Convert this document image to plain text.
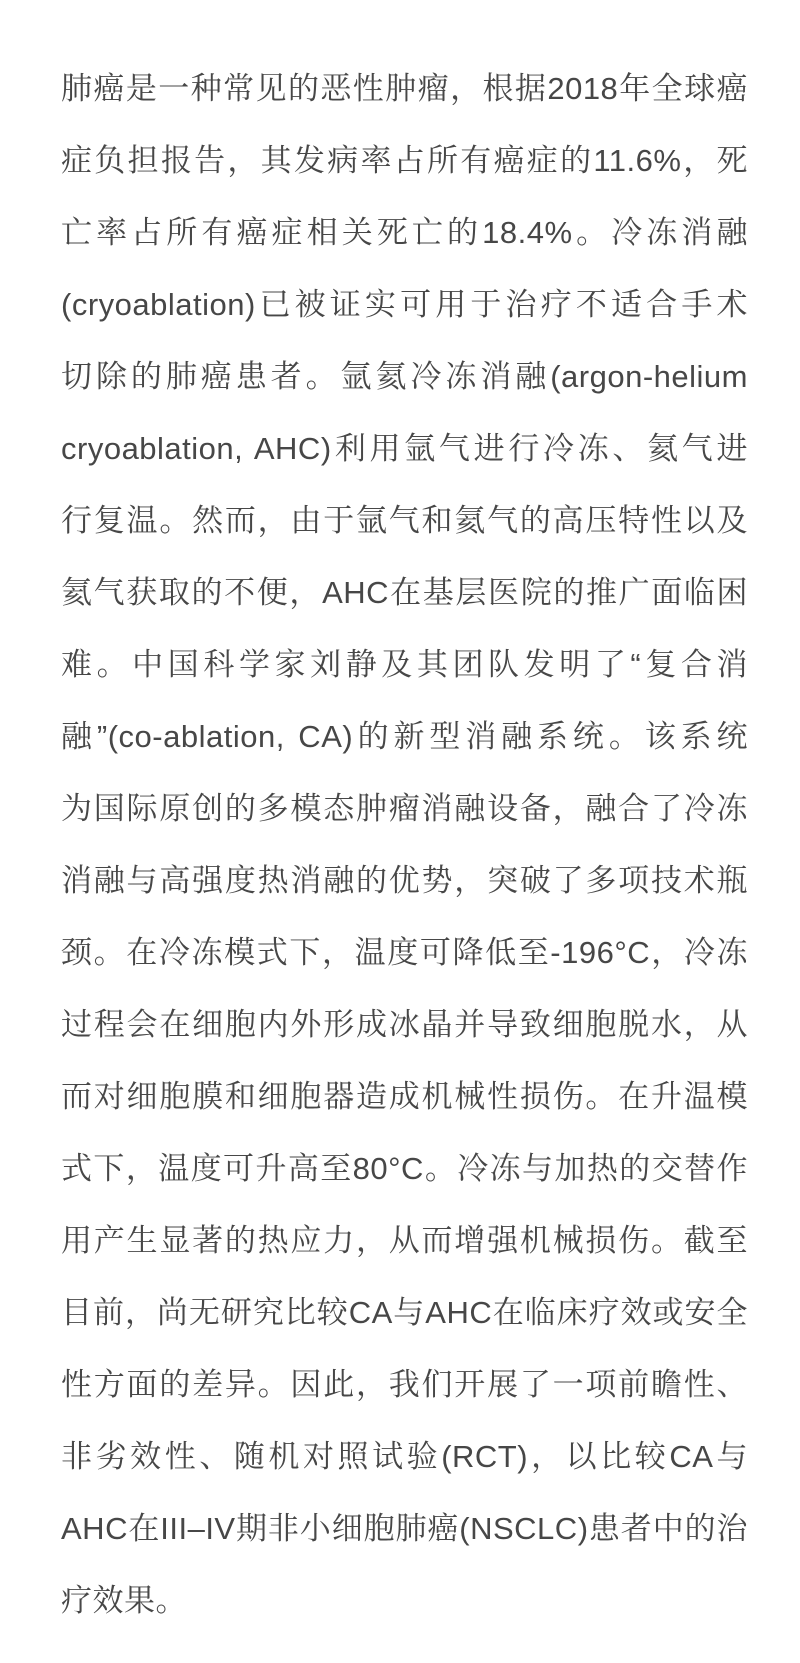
肺癌是一种常见的恶性肿瘤，根据2018年全球癌
症负担报告，其发病率占所有癌症的11.6%，死
亡率占所有癌症相关死亡的18.4%。冷冻消融
(cryoablation)已被证实可用于治疗不适合手术
切除的肺癌患者。氩氦冷冻消融(argon-helium
cryoablation, AHC)利用氩气进行冷冻、氦气进
行复温。然而，由于氩气和氦气的高压特性以及
氦气获取的不便，AHC在基层医院的推广面临困
难。中国科学家刘静及其团队发明了“复合消
融”(co-ablation, CA)的新型消融系统。该系统
为国际原创的多模态肿瘤消融设备，融合了冷冻
消融与高强度热消融的优势，突破了多项技术瓶
颈。在冷冻模式下，温度可降低至-196°C，冷冻
过程会在细胞内外形成冰晶并导致细胞脱水，从
而对细胞膜和细胞器造成机械性损伤。在升温模
式下，温度可升高至80°C。冷冻与加热的交替作
用产生显著的热应力，从而增强机械损伤。截至
目前，尚无研究比较CA与AHC在临床疗效或安全
性方面的差异。因此，我们开展了一项前瞻性、
非劣效性、随机对照试验(RCT)，以比较CA与
AHC在III–IV期非小细胞肺癌(NSCLC)患者中的治
疗效果。
